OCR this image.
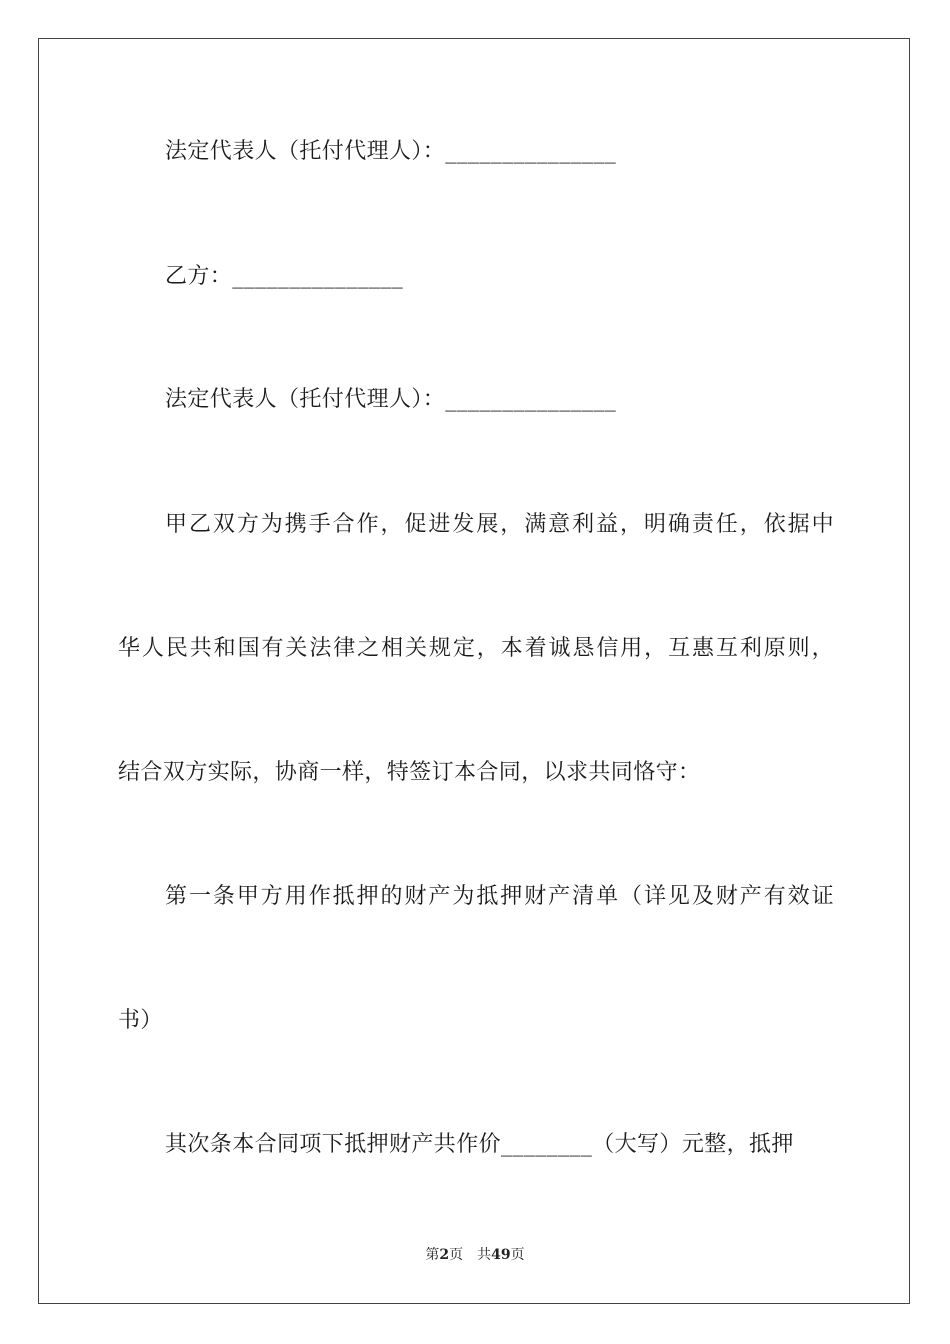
法定代表人（托付代理人）：_______________
乙方：_______________
法定代表人（托付代理人）：_______________
甲乙双方为携手合作，促进发展，满意利益，明确责任，依据中
华人民共和国有关法律之相关规定，本着诚恳信用，互惠互利原则，
结合双方实际，协商一样，特签订本合同，以求共同恪守：
第一条甲方用作抵押的财产为抵押财产清单（详见及财产有效证
书）
其次条本合同项下抵押财产共作价________（大写）元整，抵押
第2页 共49页
